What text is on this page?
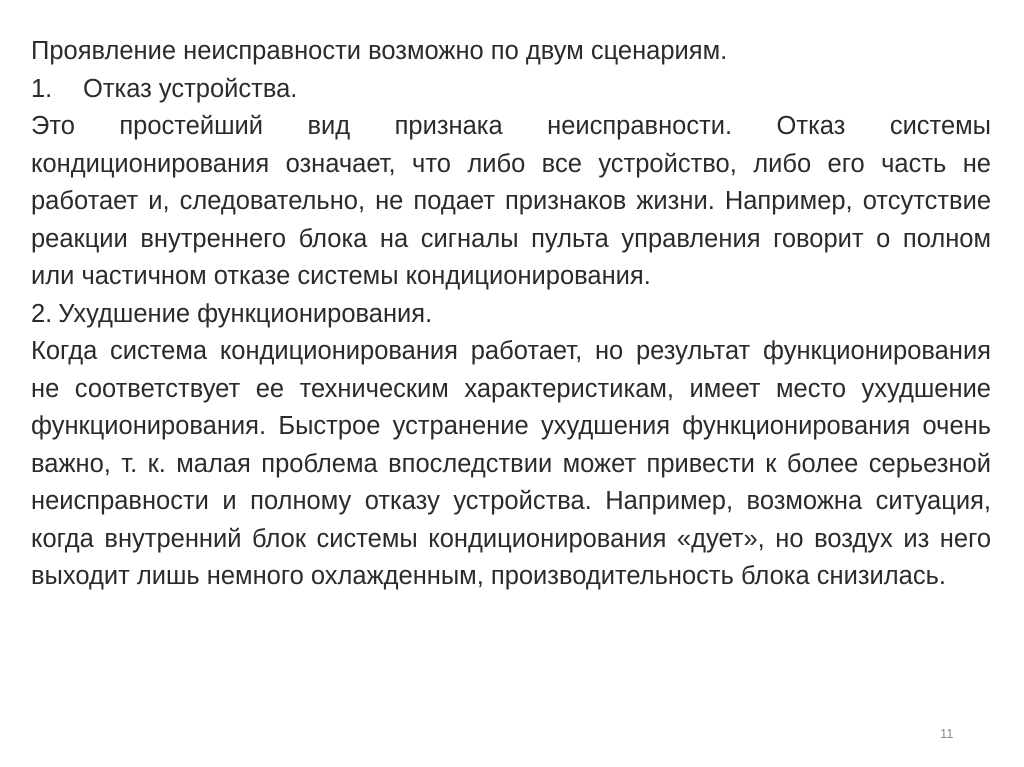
Проявление неисправности возможно по двум сценариям.

1. Отказ устройства.

Это простейший вид признака неисправности. Отказ системы кондиционирования означает, что либо все устройство, либо его часть не работает и, следовательно, не подает признаков жизни. Например, отсутствие реакции внутреннего блока на сигналы пульта управления говорит о полном или частичном отказе системы кондиционирования.

2. Ухудшение функционирования.

Когда система кондиционирования работает, но результат функционирования не соответствует ее техническим характеристикам, имеет место ухудшение функционирования. Быстрое устранение ухудшения функционирования очень важно, т. к. малая проблема впоследствии может привести к более серьезной неисправности и полному отказу устройства. Например, возможна ситуация, когда внутренний блок системы кондиционирования «дует», но воздух из него выходит лишь немного охлажденным, производительность блока снизилась.

11
